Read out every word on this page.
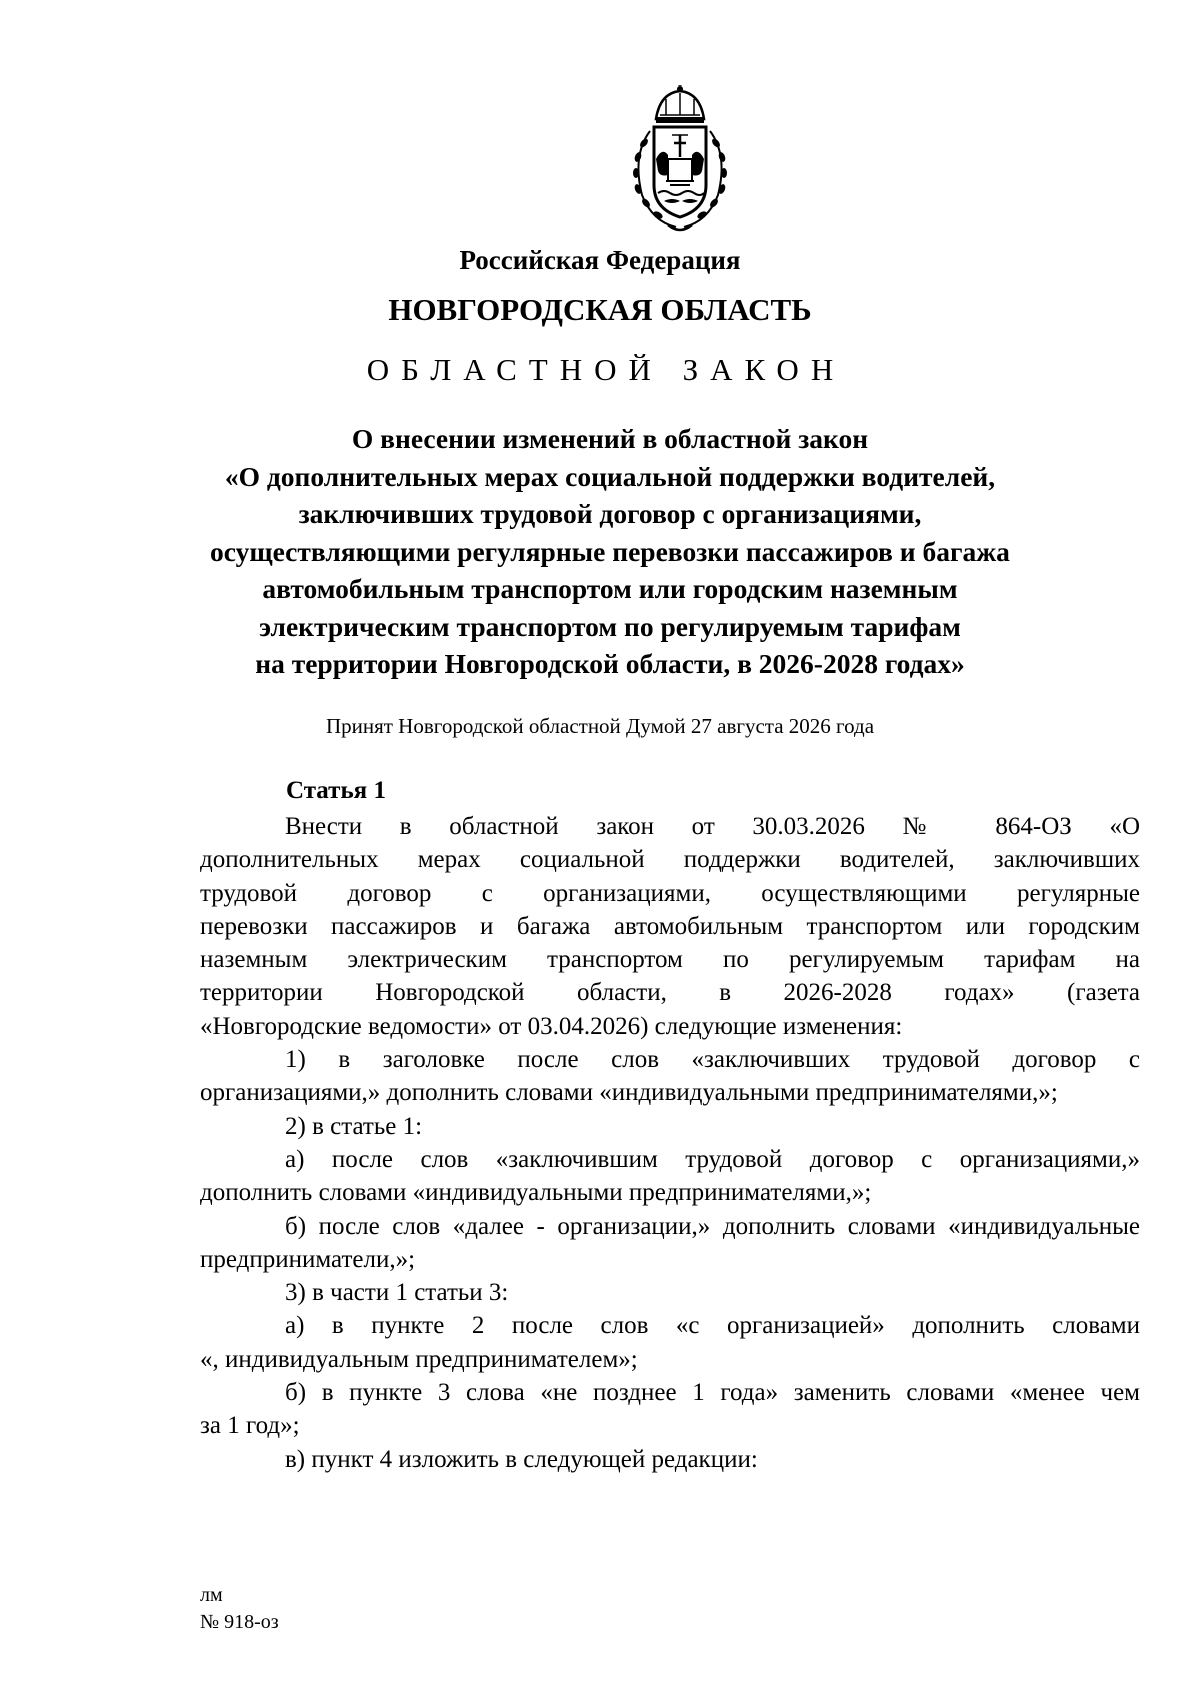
Российская Федерация
НОВГОРОДСКАЯ ОБЛАСТЬ
ОБЛАСТНОЙ ЗАКОН
О внесении изменений в областной закон
«О дополнительных мерах социальной поддержки водителей,
заключивших трудовой договор с организациями,
осуществляющими регулярные перевозки пассажиров и багажа
автомобильным транспортом или городским наземным
электрическим транспортом по регулируемым тарифам
на территории Новгородской области, в 2026-2028 годах»
Принят Новгородской областной Думой 27 августа 2026 года
Статья 1
Внести в областной закон от 30.03.2026 № 864-ОЗ «О
дополнительных мерах социальной поддержки водителей, заключивших
трудовой договор с организациями, осуществляющими регулярные
перевозки пассажиров и багажа автомобильным транспортом или городским
наземным электрическим транспортом по регулируемым тарифам на
территории Новгородской области, в 2026-2028 годах» (газета
«Новгородские ведомости» от 03.04.2026) следующие изменения:
1) в заголовке после слов «заключивших трудовой договор с
организациями,» дополнить словами «индивидуальными предпринимателями,»;
2) в статье 1:
а) после слов «заключившим трудовой договор с организациями,»
дополнить словами «индивидуальными предпринимателями,»;
б) после слов «далее - организации,» дополнить словами «индивидуальные
предприниматели,»;
3) в части 1 статьи 3:
а) в пункте 2 после слов «с организацией» дополнить словами
«, индивидуальным предпринимателем»;
б) в пункте 3 слова «не позднее 1 года» заменить словами «менее чем
за 1 год»;
в) пункт 4 изложить в следующей редакции:
лм
№ 918-оз
